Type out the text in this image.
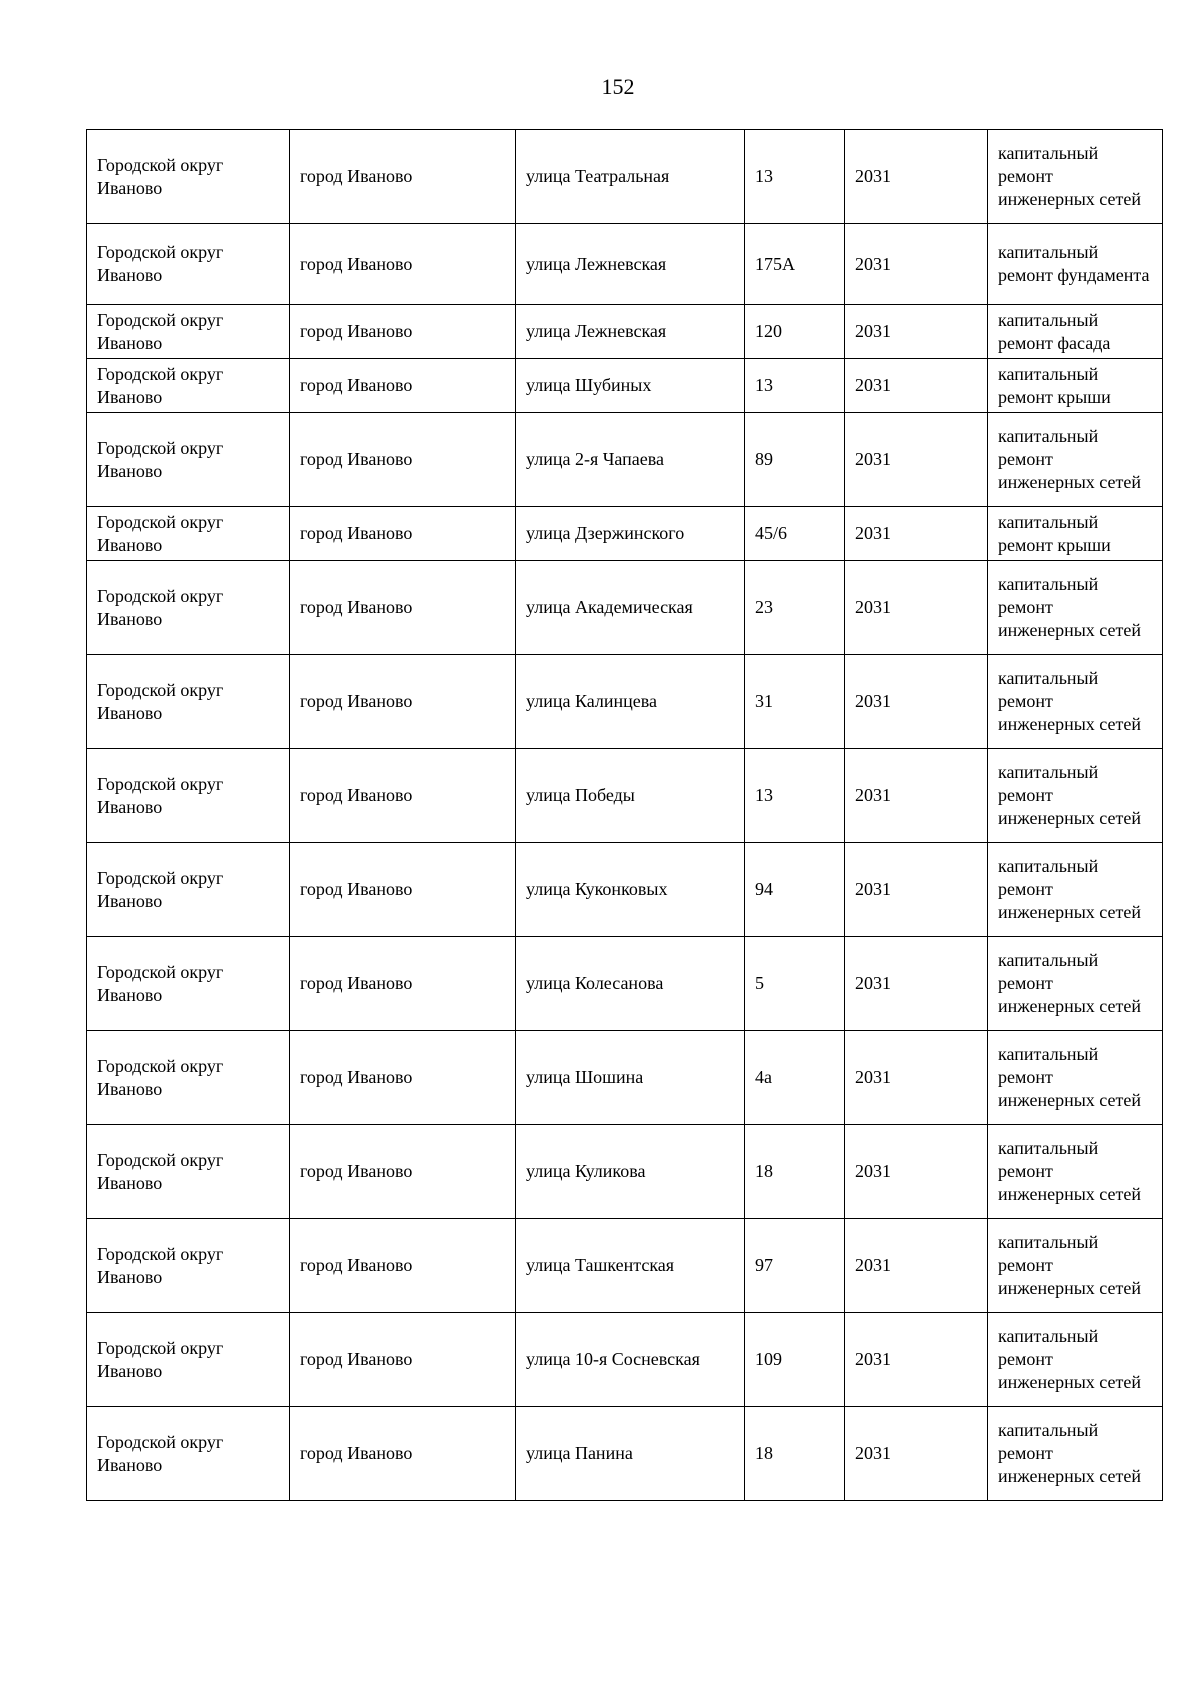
152
Городской округ Иваново	город Иваново	улица Театральная	13	2031	капитальный ремонт инженерных сетей
Городской округ Иваново	город Иваново	улица Лежневская	175А	2031	капитальный ремонт фундамента
Городской округ Иваново	город Иваново	улица Лежневская	120	2031	капитальный ремонт фасада
Городской округ Иваново	город Иваново	улица Шубиных	13	2031	капитальный ремонт крыши
Городской округ Иваново	город Иваново	улица 2-я Чапаева	89	2031	капитальный ремонт инженерных сетей
Городской округ Иваново	город Иваново	улица Дзержинского	45/6	2031	капитальный ремонт крыши
Городской округ Иваново	город Иваново	улица Академическая	23	2031	капитальный ремонт инженерных сетей
Городской округ Иваново	город Иваново	улица Калинцева	31	2031	капитальный ремонт инженерных сетей
Городской округ Иваново	город Иваново	улица Победы	13	2031	капитальный ремонт инженерных сетей
Городской округ Иваново	город Иваново	улица Куконковых	94	2031	капитальный ремонт инженерных сетей
Городской округ Иваново	город Иваново	улица Колесанова	5	2031	капитальный ремонт инженерных сетей
Городской округ Иваново	город Иваново	улица Шошина	4а	2031	капитальный ремонт инженерных сетей
Городской округ Иваново	город Иваново	улица Куликова	18	2031	капитальный ремонт инженерных сетей
Городской округ Иваново	город Иваново	улица Ташкентская	97	2031	капитальный ремонт инженерных сетей
Городской округ Иваново	город Иваново	улица 10-я Сосневская	109	2031	капитальный ремонт инженерных сетей
Городской округ Иваново	город Иваново	улица Панина	18	2031	капитальный ремонт инженерных сетей
